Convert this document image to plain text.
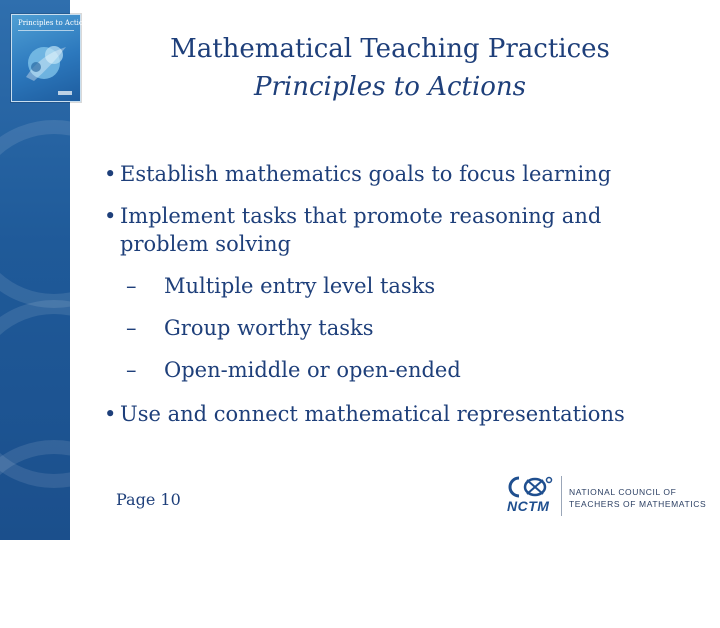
Principles to Actions
Mathematical Teaching Practices
Principles to Actions
• Establish mathematics goals to focus learning
• Implement tasks that promote reasoning and problem solving
– Multiple entry level tasks
– Group worthy tasks
– Open-middle or open-ended
• Use and connect mathematical representations
Page 10	NCTM
NATIONAL COUNCIL OF
TEACHERS OF MATHEMATICS
